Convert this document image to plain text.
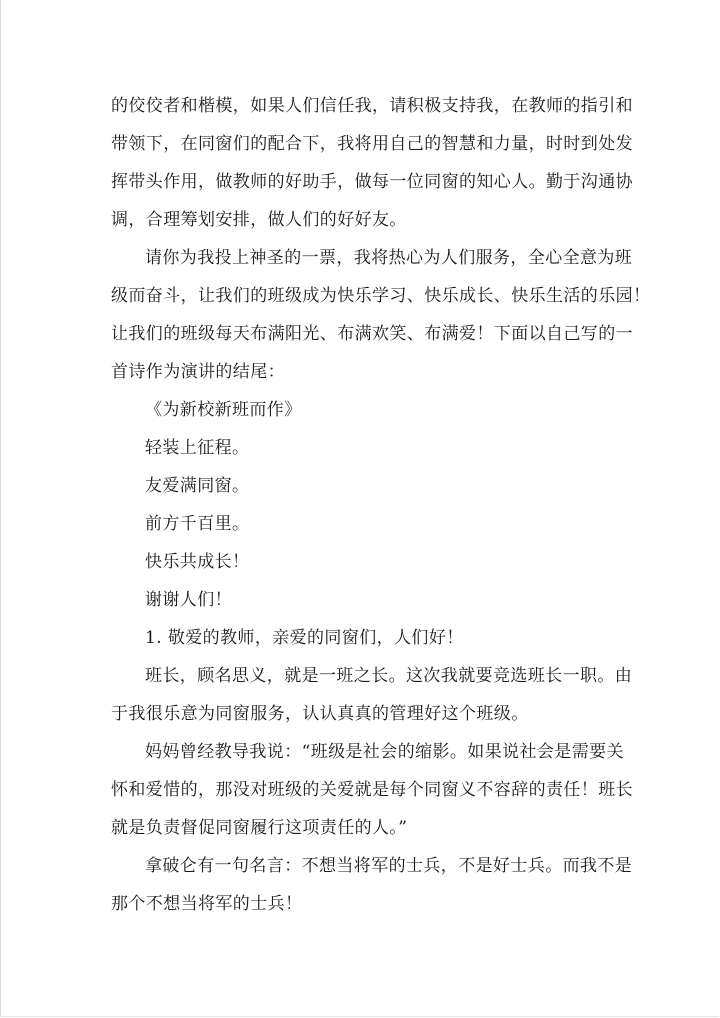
的佼佼者和楷模，如果人们信任我，请积极支持我，在教师的指引和
带领下，在同窗们的配合下，我将用自己的智慧和力量，时时到处发
挥带头作用，做教师的好助手，做每一位同窗的知心人。勤于沟通协
调，合理筹划安排，做人们的好好友。
请你为我投上神圣的一票，我将热心为人们服务，全心全意为班
级而奋斗，让我们的班级成为快乐学习、快乐成长、快乐生活的乐园！
让我们的班级每天布满阳光、布满欢笑、布满爱！下面以自己写的一
首诗作为演讲的结尾：
《为新校新班而作》
轻装上征程。
友爱满同窗。
前方千百里。
快乐共成长！
谢谢人们！
1. 敬爱的教师，亲爱的同窗们，人们好！
班长，顾名思义，就是一班之长。这次我就要竞选班长一职。由
于我很乐意为同窗服务，认认真真的管理好这个班级。
妈妈曾经教导我说：“班级是社会的缩影。如果说社会是需要关
怀和爱惜的，那没对班级的关爱就是每个同窗义不容辞的责任！班长
就是负责督促同窗履行这项责任的人。”
拿破仑有一句名言：不想当将军的士兵，不是好士兵。而我不是
那个不想当将军的士兵！
